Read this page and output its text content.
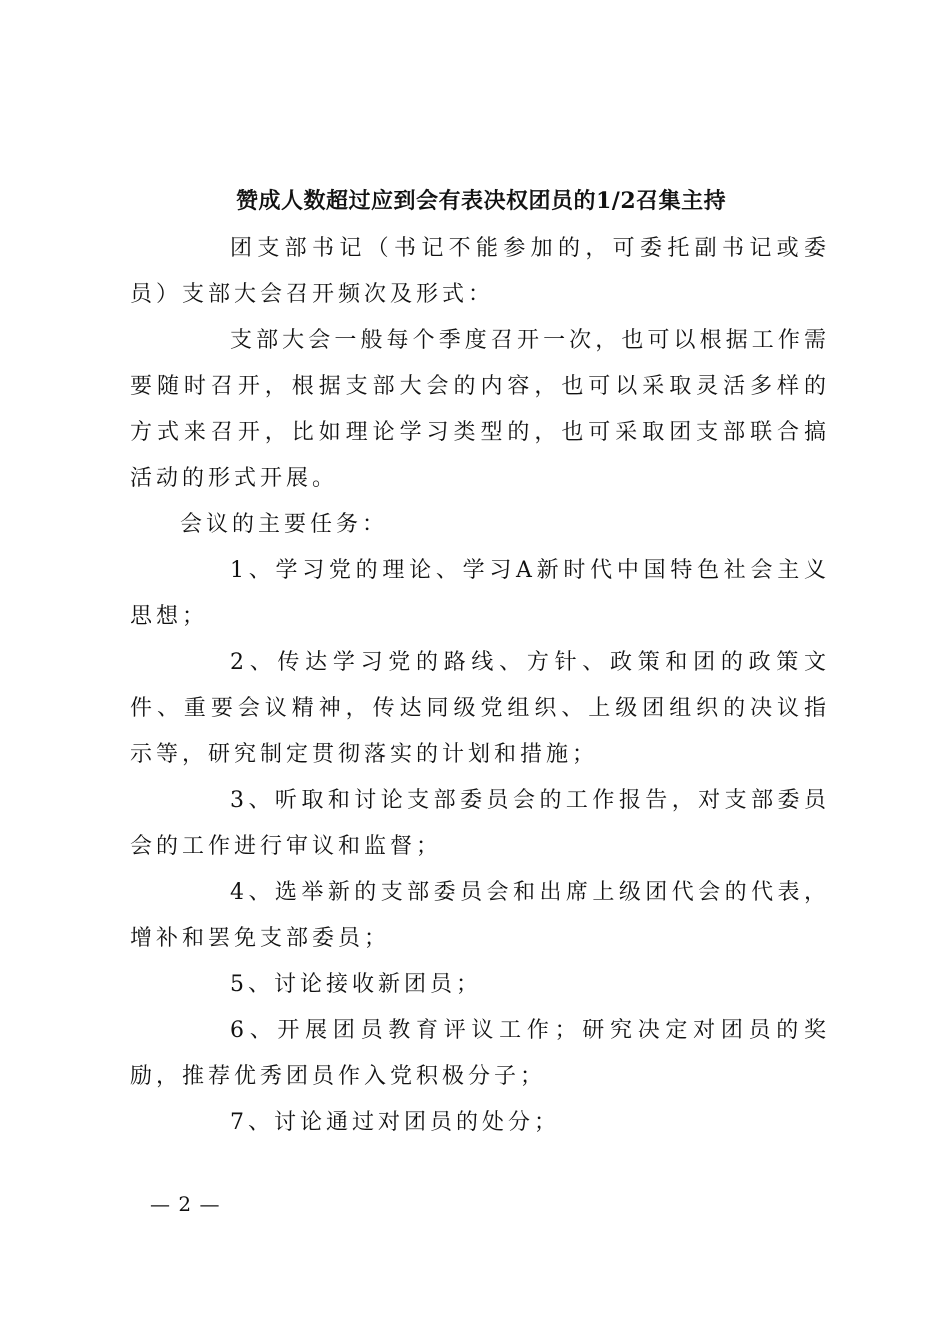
赞成人数超过应到会有表决权团员的1/2召集主持
团支部书记（书记不能参加的，可委托副书记或委员）支部大会召开频次及形式：
支部大会一般每个季度召开一次，也可以根据工作需要随时召开，根据支部大会的内容，也可以采取灵活多样的方式来召开，比如理论学习类型的，也可采取团支部联合搞活动的形式开展。
会议的主要任务：
1、学习党的理论、学习A新时代中国特色社会主义思想；
2、传达学习党的路线、方针、政策和团的政策文件、重要会议精神，传达同级党组织、上级团组织的决议指示等，研究制定贯彻落实的计划和措施；
3、听取和讨论支部委员会的工作报告，对支部委员会的工作进行审议和监督；
4、选举新的支部委员会和出席上级团代会的代表，增补和罢免支部委员；
5、讨论接收新团员；
6、开展团员教育评议工作；研究决定对团员的奖励，推荐优秀团员作入党积极分子；
7、讨论通过对团员的处分；
— 2 —
